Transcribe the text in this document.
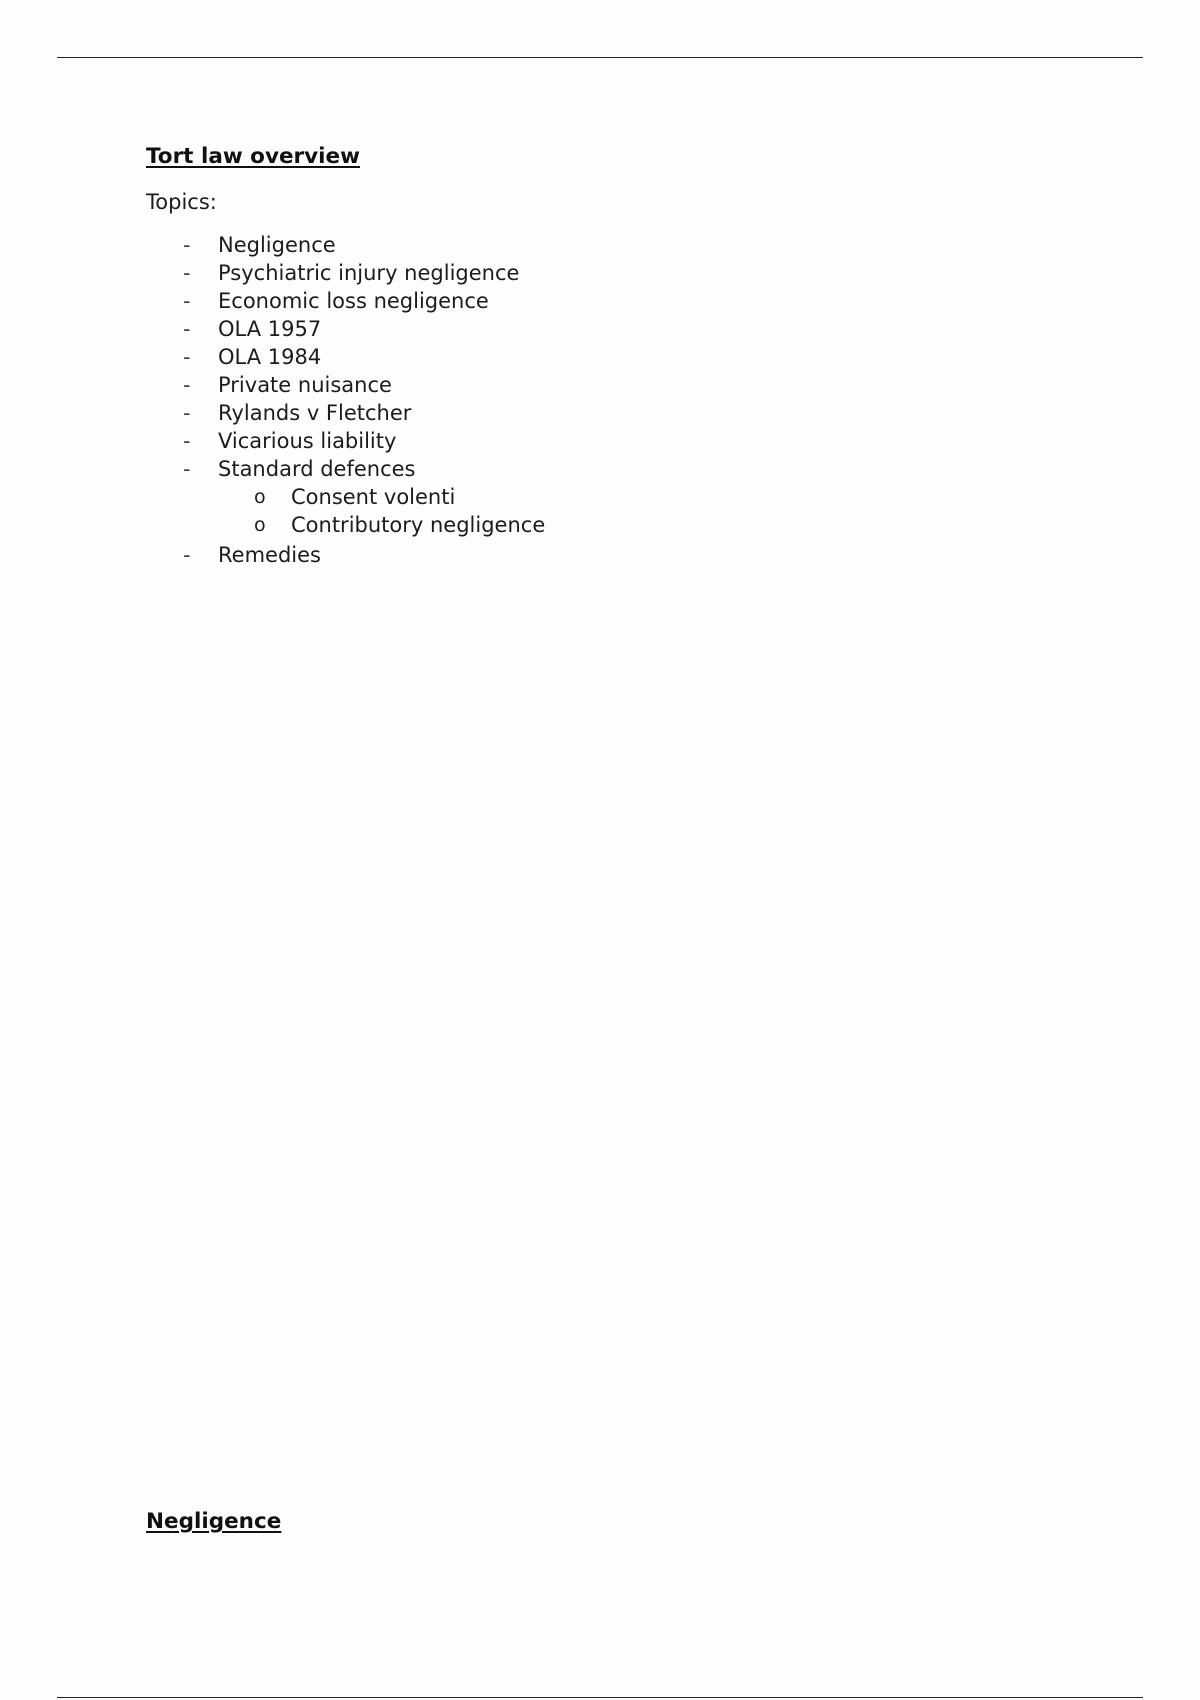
Tort law overview
Topics:
- Negligence
- Psychiatric injury negligence
- Economic loss negligence
- OLA 1957
- OLA 1984
- Private nuisance
- Rylands v Fletcher
- Vicarious liability
- Standard defences
o Consent volenti
o Contributory negligence
- Remedies
Negligence
